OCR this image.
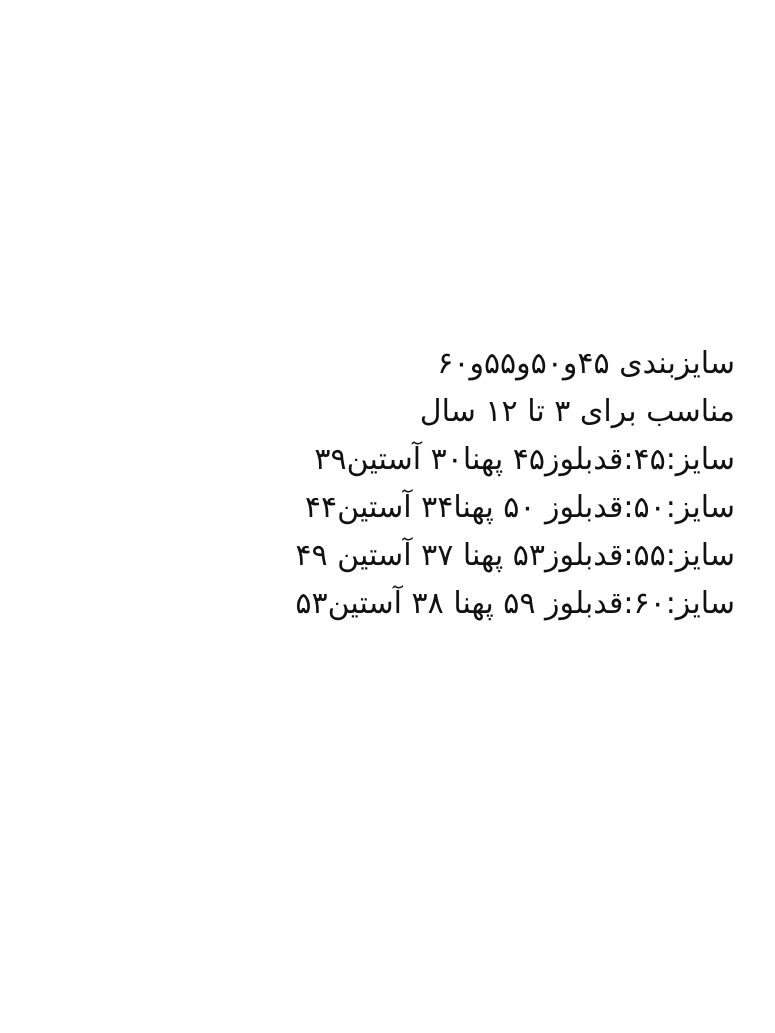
سایزبندی ۴۵و۵۰و۵۵و۶۰
مناسب برای ۳ تا ۱۲ سال
سایز:۴۵:قدبلوز۴۵ پهنا۳۰ آستین۳۹
سایز:۵۰:قدبلوز ۵۰ پهنا۳۴ آستین۴۴
سایز:۵۵:قدبلوز۵۳ پهنا ۳۷ آستین ۴۹
سایز:۶۰:قدبلوز ۵۹ پهنا ۳۸ آستین۵۳
